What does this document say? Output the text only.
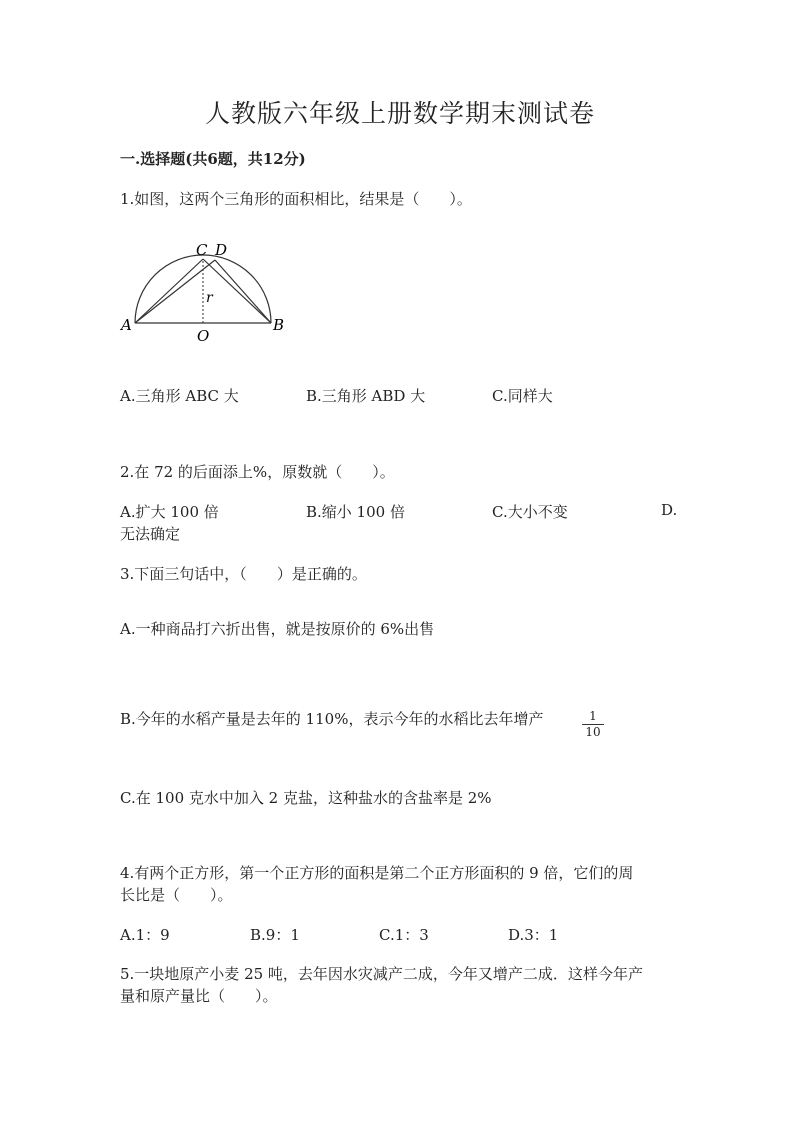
人教版六年级上册数学期末测试卷
一.选择题(共6题，共12分)
1.如图，这两个三角形的面积相比，结果是（　　）。
A	B
C D
O
r
A.三角形 ABC 大	B.三角形 ABD 大	C.同样大
2.在 72 的后面添上%，原数就（　　）。
A.扩大 100 倍	B.缩小 100 倍	C.大小不变	D.
无法确定
3.下面三句话中，（　　）是正确的。
A.一种商品打六折出售，就是按原价的 6%出售
B.今年的水稻产量是去年的 110%，表示今年的水稻比去年增产	1
10
C.在 100 克水中加入 2 克盐，这种盐水的含盐率是 2%
4.有两个正方形，第一个正方形的面积是第二个正方形面积的 9 倍，它们的周
长比是（　　）。
A.1：9	B.9：1	C.1：3	D.3：1
5.一块地原产小麦 25 吨，去年因水灾减产二成，今年又增产二成．这样今年产
量和原产量比（　　）。
